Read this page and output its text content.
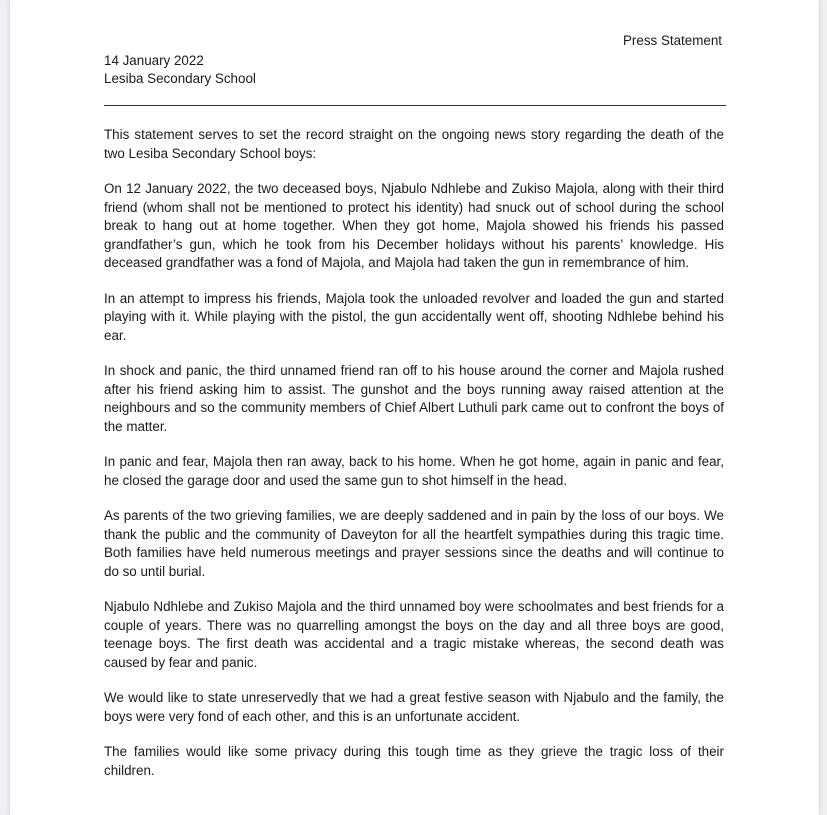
Press Statement
14 January 2022
Lesiba Secondary School

This statement serves to set the record straight on the ongoing news story regarding the death of the two Lesiba Secondary School boys:

On 12 January 2022, the two deceased boys, Njabulo Ndhlebe and Zukiso Majola, along with their third friend (whom shall not be mentioned to protect his identity) had snuck out of school during the school break to hang out at home together. When they got home, Majola showed his friends his passed grandfather’s gun, which he took from his December holidays without his parents’ knowledge. His deceased grandfather was a fond of Majola, and Majola had taken the gun in remembrance of him.

In an attempt to impress his friends, Majola took the unloaded revolver and loaded the gun and started playing with it. While playing with the pistol, the gun accidentally went off, shooting Ndhlebe behind his ear.

In shock and panic, the third unnamed friend ran off to his house around the corner and Majola rushed after his friend asking him to assist. The gunshot and the boys running away raised attention at the neighbours and so the community members of Chief Albert Luthuli park came out to confront the boys of the matter.

In panic and fear, Majola then ran away, back to his home. When he got home, again in panic and fear, he closed the garage door and used the same gun to shot himself in the head.

As parents of the two grieving families, we are deeply saddened and in pain by the loss of our boys. We thank the public and the community of Daveyton for all the heartfelt sympathies during this tragic time. Both families have held numerous meetings and prayer sessions since the deaths and will continue to do so until burial.

Njabulo Ndhlebe and Zukiso Majola and the third unnamed boy were schoolmates and best friends for a couple of years. There was no quarrelling amongst the boys on the day and all three boys are good, teenage boys. The first death was accidental and a tragic mistake whereas, the second death was caused by fear and panic.

We would like to state unreservedly that we had a great festive season with Njabulo and the family, the boys were very fond of each other, and this is an unfortunate accident.

The families would like some privacy during this tough time as they grieve the tragic loss of their children.
